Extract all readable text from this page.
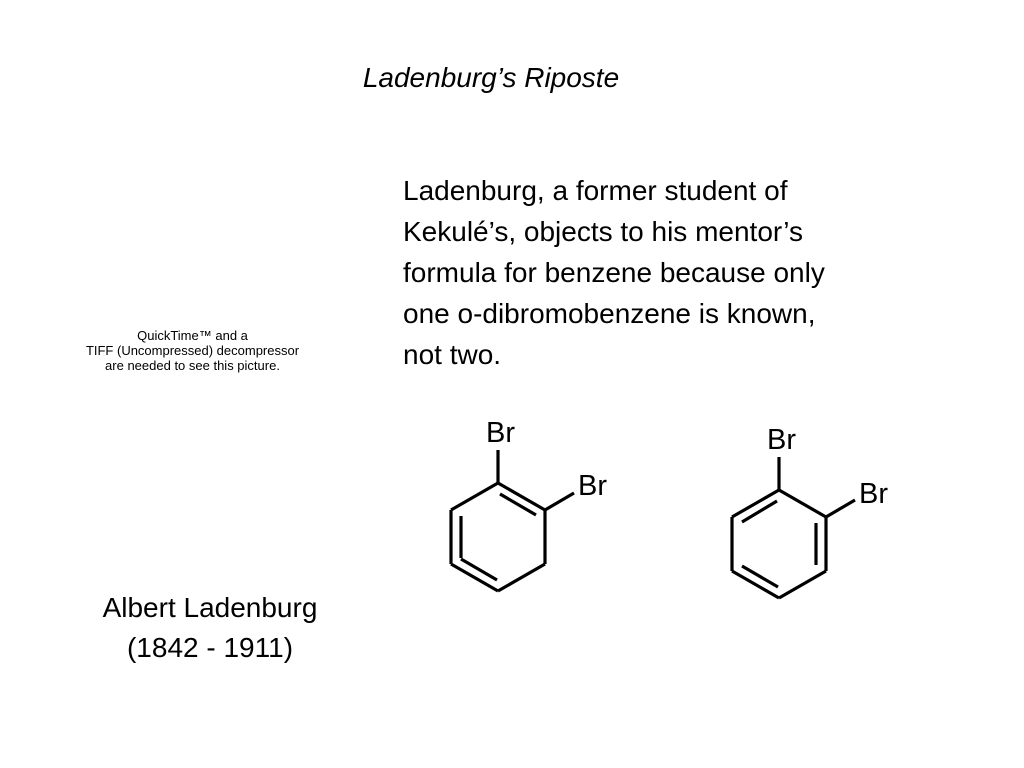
Ladenburg’s Riposte
Ladenburg, a former student of
Kekulé’s, objects to his mentor’s
formula for benzene because only
one o-dibromobenzene is known,
not two.
QuickTime™ and a
TIFF (Uncompressed) decompressor
are needed to see this picture.
Albert Ladenburg
(1842 - 1911)
Br
Br
Br
Br
